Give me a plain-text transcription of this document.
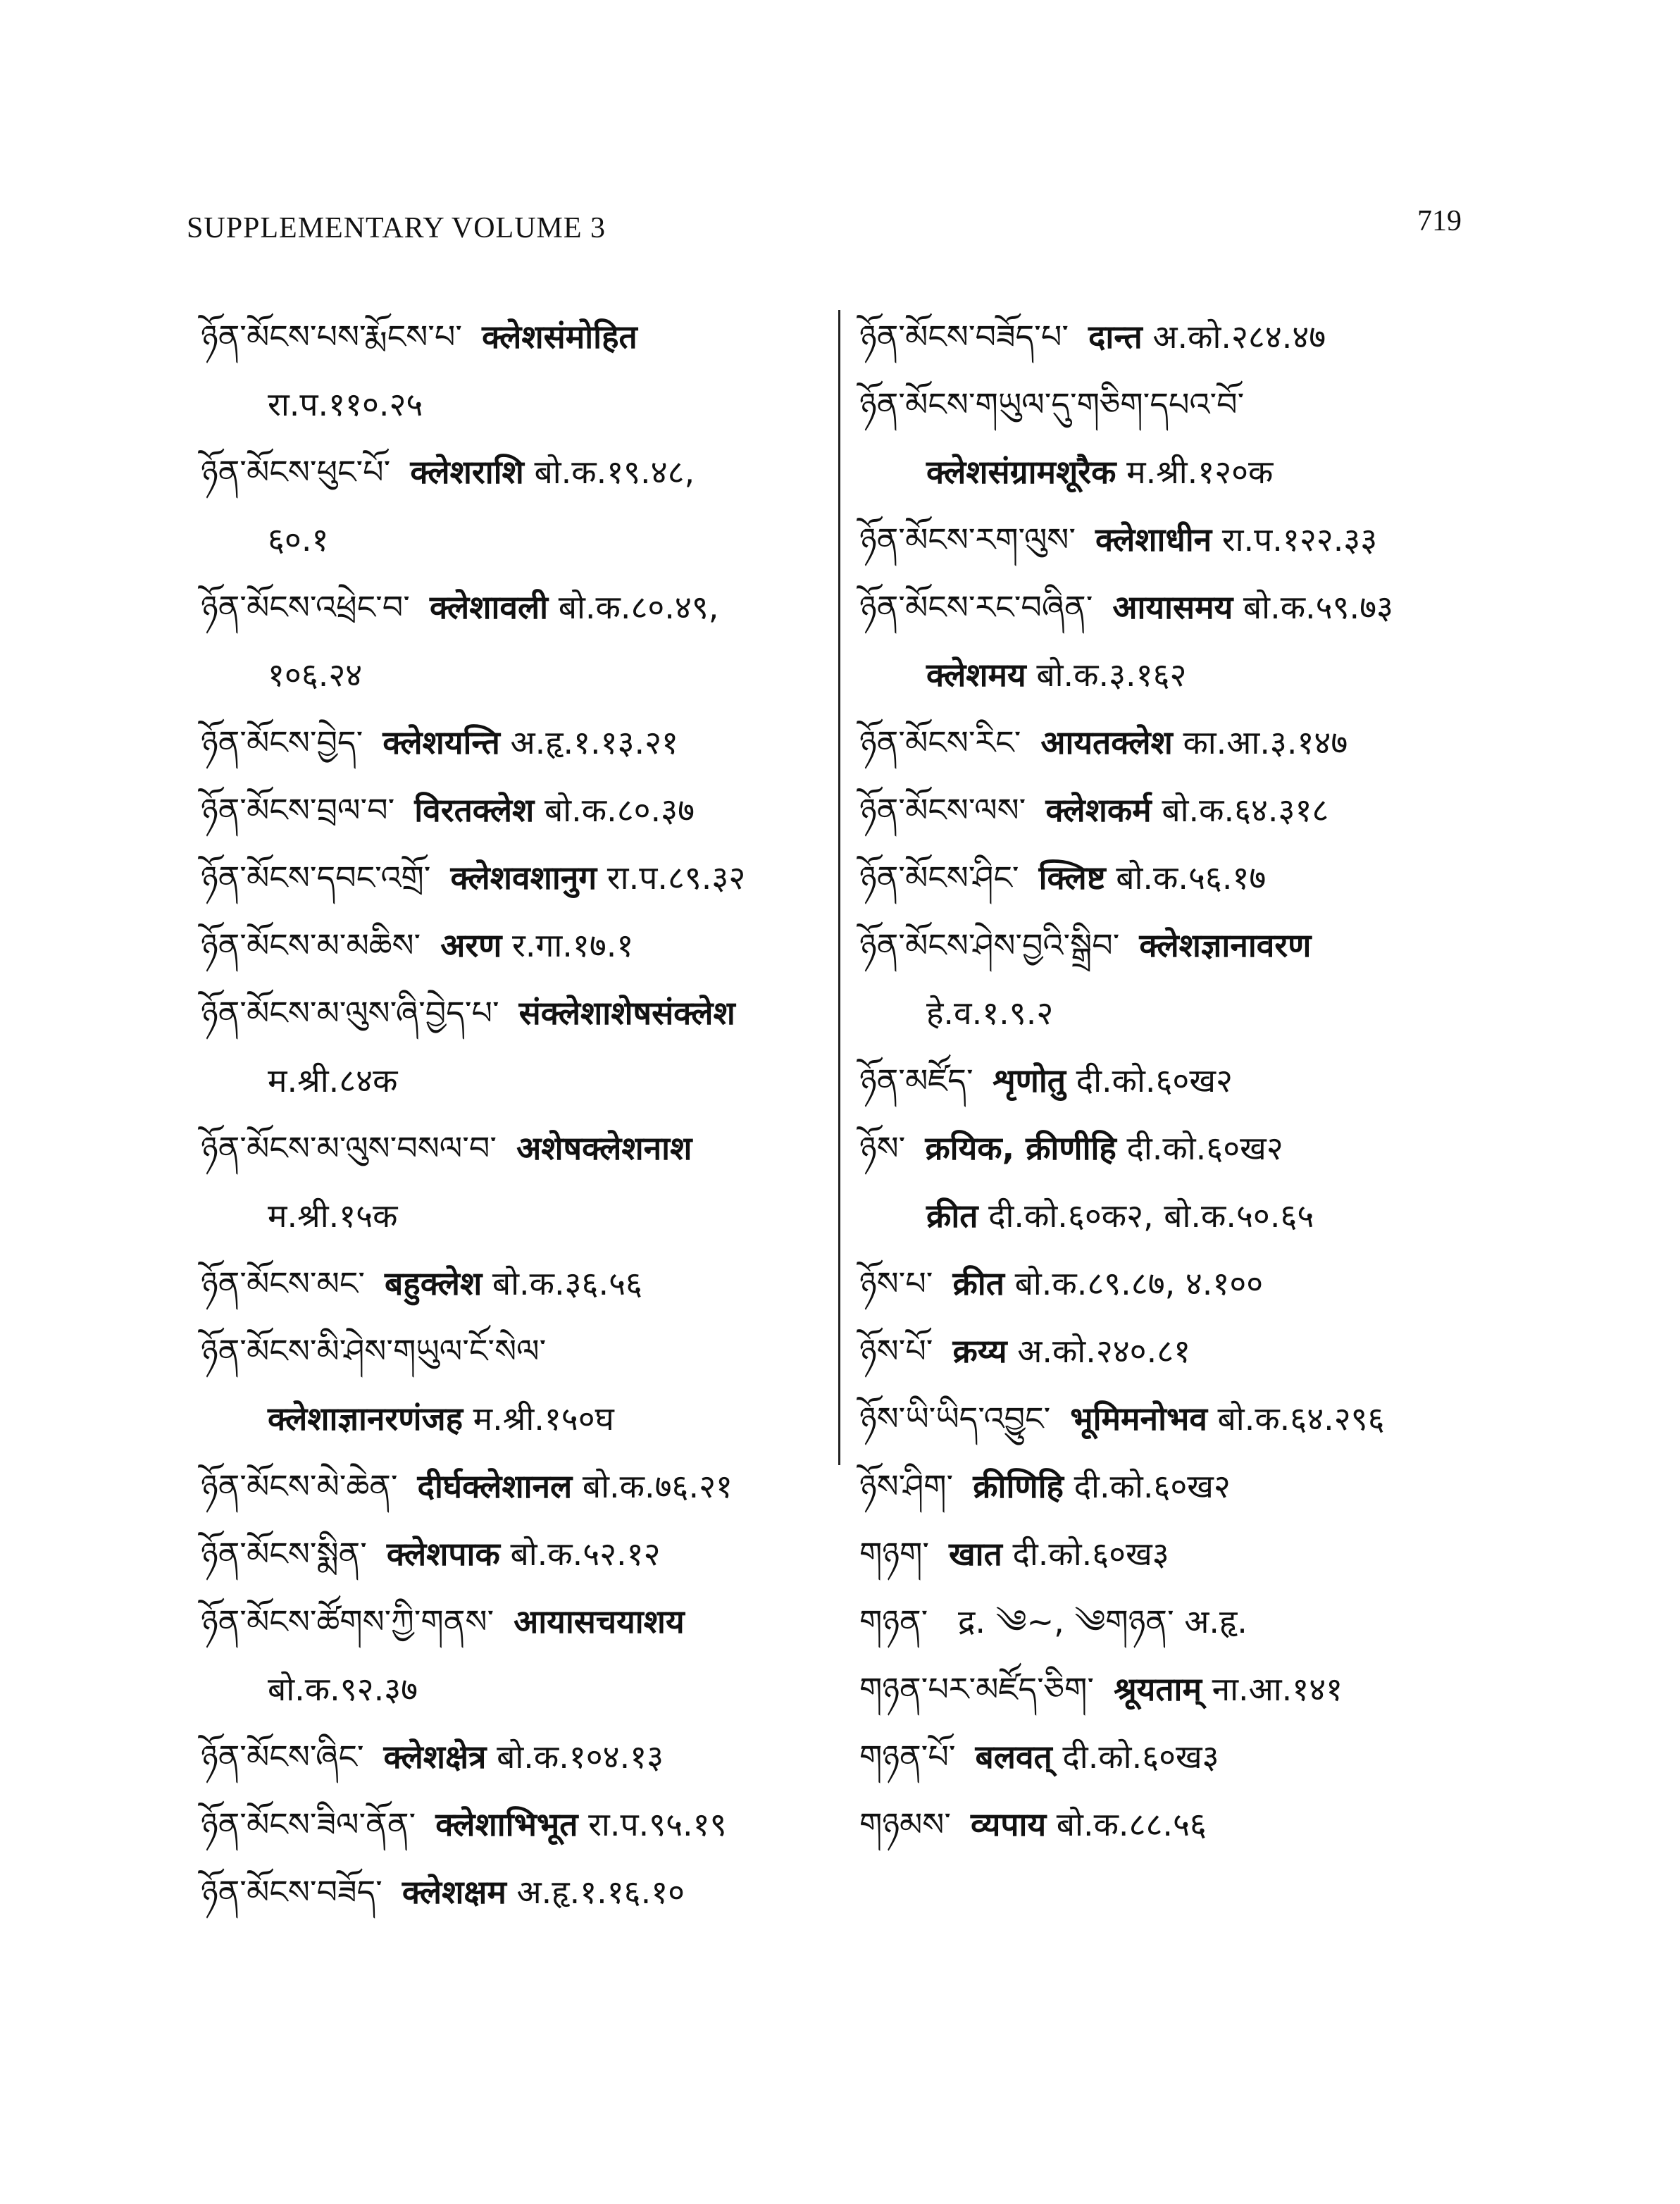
SUPPLEMENTARY VOLUME 3	719
ཉོན་མོངས་པས་རྨོངས་པ་ क्लेशसंमोहित
रा.प.११०.२५
ཉོན་མོངས་ཕུང་པོ་ क्लेशराशि बो.क.१९.४८,
६०.१
ཉོན་མོངས་འཕྲེང་བ་ क्लेशावली बो.क.८०.४९,
१०६.२४
ཉོན་མོངས་བྱེད་ क्लेशयन्ति अ.हृ.१.१३.२१
ཉོན་མོངས་བྲལ་བ་ विरतक्लेश बो.क.८०.३७
ཉོན་མོངས་དབང་འགྲོ་ क्लेशवशानुग रा.प.८९.३२
ཉོན་མོངས་མ་མཆིས་ अरण र.गा.१७.१
ཉོན་མོངས་མ་ལུས་ཞི་བྱེད་པ་ संक्लेशाशेषसंक्लेश
म.श्री.८४क
ཉོན་མོངས་མ་ལུས་བསལ་བ་ अशेषक्लेशनाश
म.श्री.१५क
ཉོན་མོངས་མང་ बहुक्लेश बो.क.३६.५६
ཉོན་མོངས་མི་ཤེས་གཡུལ་ངོ་སེལ་
क्लेशाज्ञानरणंजह म.श्री.१५०घ
ཉོན་མོངས་མེ་ཆེན་ दीर्घक्लेशानल बो.क.७६.२१
ཉོན་མོངས་སྨིན་ क्लेशपाक बो.क.५२.१२
ཉོན་མོངས་ཚོགས་ཀྱི་གནས་ आयासचयाशय
बो.क.९२.३७
ཉོན་མོངས་ཞིང་ क्लेशक्षेत्र बो.क.१०४.१३
ཉོན་མོངས་ཟིལ་ནོན་ क्लेशाभिभूत रा.प.९५.१९
ཉོན་མོངས་བཟོད་ क्लेशक्षम अ.हृ.१.१६.१०
ཉོན་མོངས་བཟོད་པ་ दान्त अ.को.२८४.४७
ཉོན་མོངས་གཡུལ་དུ་གཅིག་དཔའ་བོ་
क्लेशसंग्रामशूरैक म.श्री.१२०क
ཉོན་མོངས་རག་ལུས་ क्लेशाधीन रा.प.१२२.३३
ཉོན་མོངས་རང་བཞིན་ आयासमय बो.क.५९.७३
क्लेशमय बो.क.३.१६२
ཉོན་མོངས་རིང་ आयतक्लेश का.आ.३.१४७
ཉོན་མོངས་ལས་ क्लेशकर्म बो.क.६४.३१८
ཉོན་མོངས་ཤིང་ क्लिष्ट बो.क.५६.१७
ཉོན་མོངས་ཤེས་བྱའི་སྒྲིབ་ क्लेशज्ञानावरण
हे.व.१.९.२
ཉོན་མཛོད་ शृणोतु दी.को.६०ख२
ཉོས་ क्रयिक, क्रीणीहि दी.को.६०ख२
क्रीत दी.को.६०क२, बो.क.५०.६५
ཉོས་པ་ क्रीत बो.क.८९.८७, ४.१००
ཉོས་པོ་ क्रय्य अ.को.२४०.८१
ཉོས་ཡི་ཡིད་འབྱུང་ भूमिमनोभव बो.क.६४.२९६
ཉོས་ཤིག་ क्रीणिहि दी.को.६०ख२
གཉག་ खात दी.को.६०ख३
གཉན་ द्र. ༄~, ༄གཉན་ अ.हृ.
གཉན་པར་མཛོད་ཅིག་ श्रूयताम् ना.आ.१४१
གཉན་པོ་ बलवत् दी.को.६०ख३
གཉམས་ व्यपाय बो.क.८८.५६
